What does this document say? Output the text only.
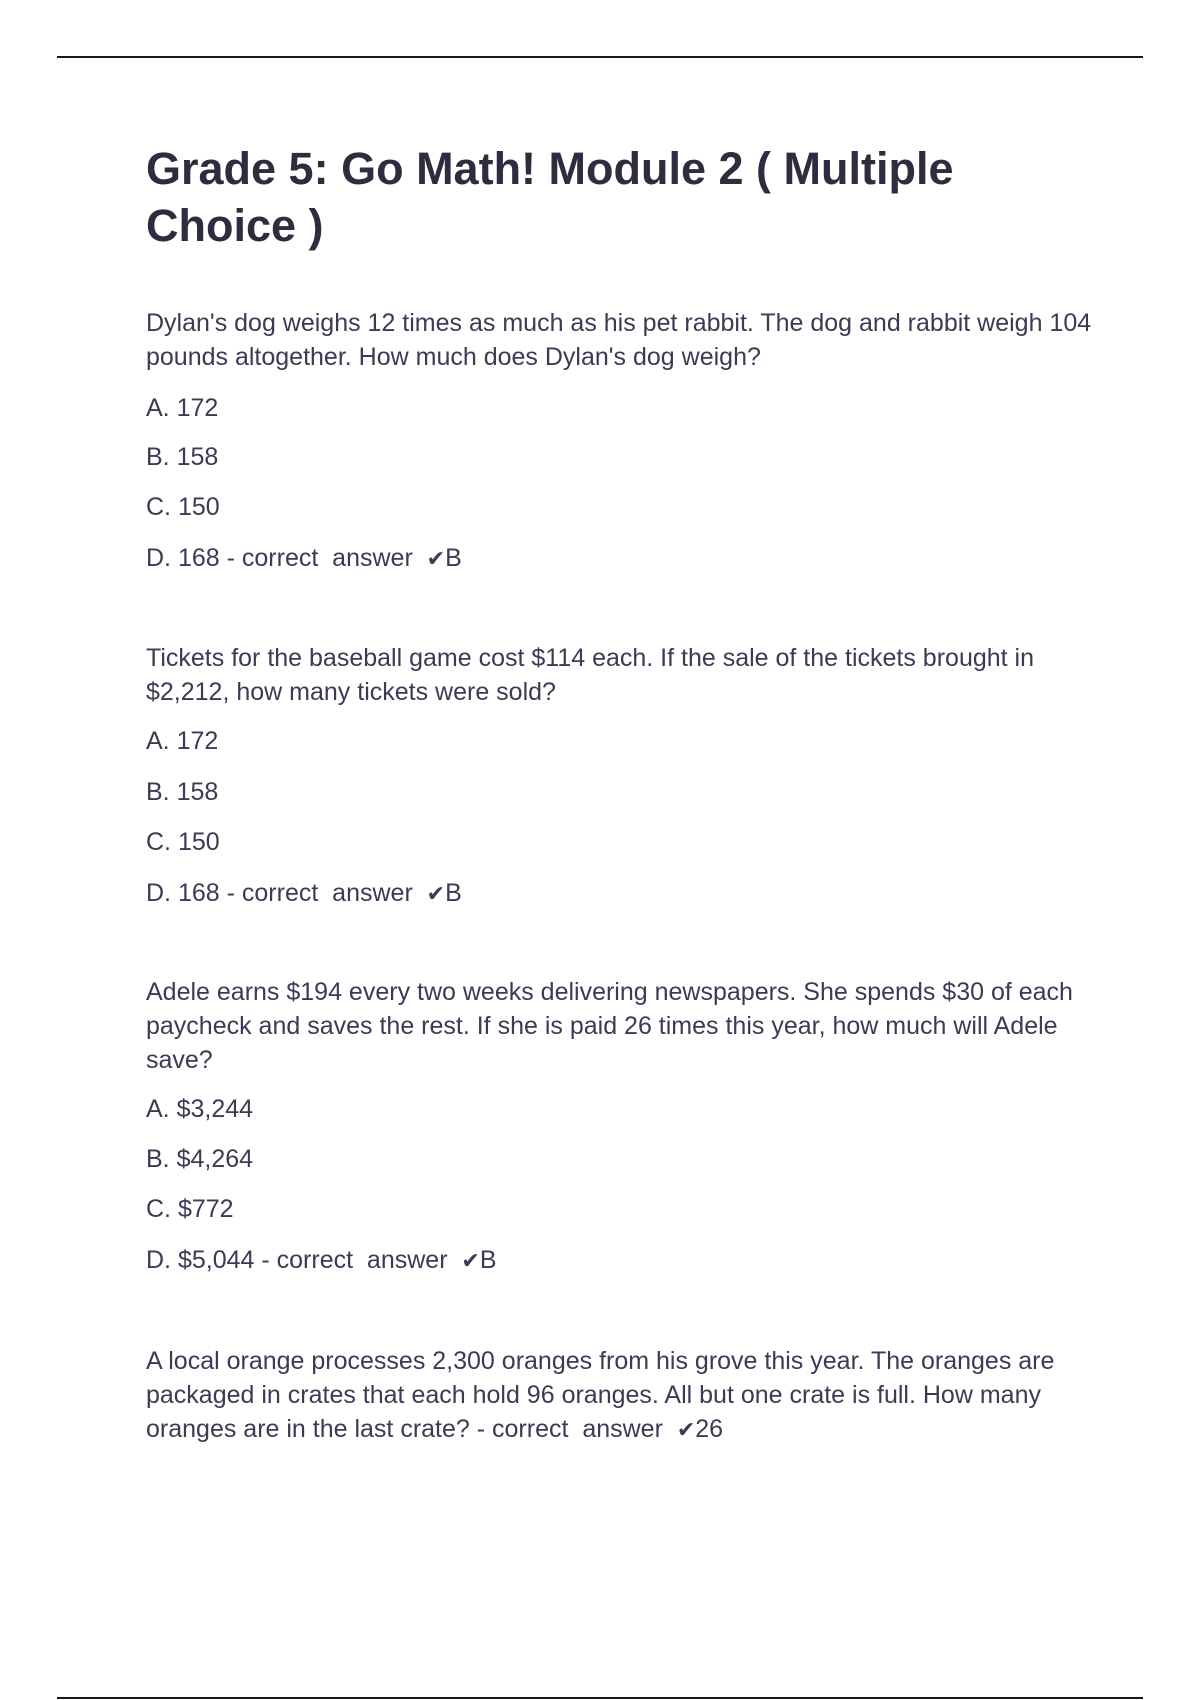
Grade 5: Go Math! Module 2 ( Multiple Choice )

Dylan's dog weighs 12 times as much as his pet rabbit. The dog and rabbit weigh 104 pounds altogether. How much does Dylan's dog weigh?

A. 172

B. 158

C. 150

D. 168 - correct  answer  ✔B

Tickets for the baseball game cost $114 each. If the sale of the tickets brought in $2,212, how many tickets were sold?

A. 172

B. 158

C. 150

D. 168 - correct  answer  ✔B

Adele earns $194 every two weeks delivering newspapers. She spends $30 of each paycheck and saves the rest. If she is paid 26 times this year, how much will Adele save?

A. $3,244

B. $4,264

C. $772

D. $5,044 - correct  answer  ✔B

A local orange processes 2,300 oranges from his grove this year. The oranges are packaged in crates that each hold 96 oranges. All but one crate is full. How many oranges are in the last crate? - correct  answer  ✔26
